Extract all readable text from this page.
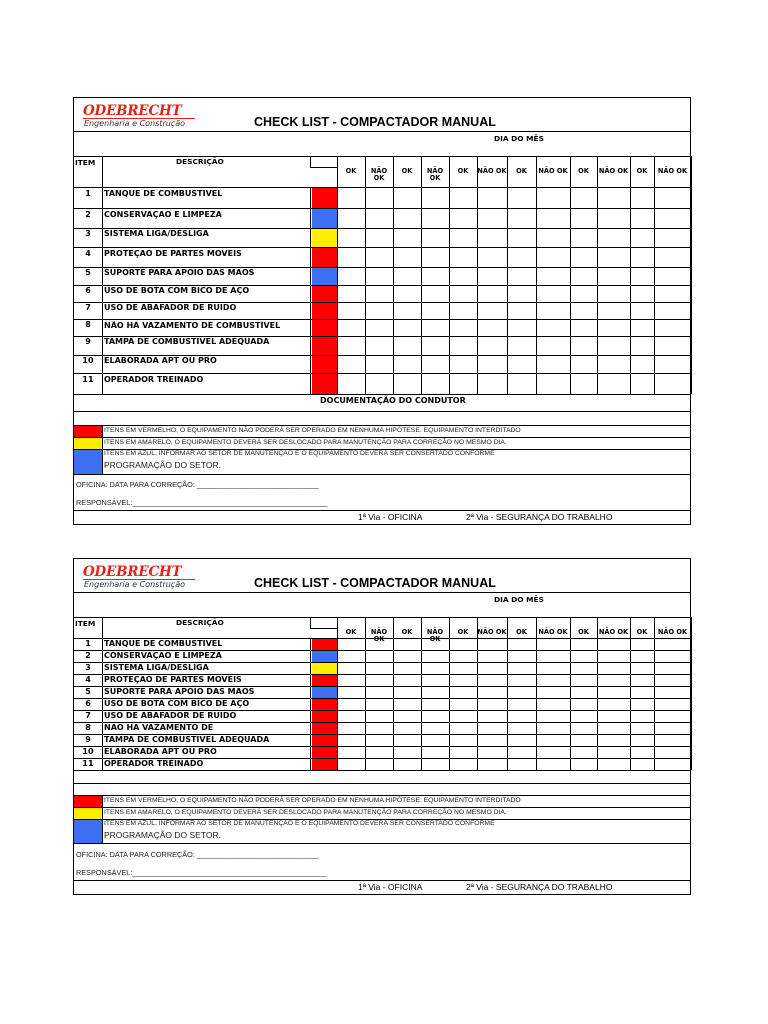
ODEBRECHT
Engenharia e Construção	CHECK LIST - COMPACTADOR MANUAL
DIA DO MÊS
ITEM	DESCRIÇÃO
OK	NÃO OK
OK	NÃO OK
OK	NÃO OK	OK	NÃO OK	OK	NÃO OK	OK	NÃO OK
1	TANQUE DE COMBUSTÍVEL
2	CONSERVAÇÃO E LIMPEZA
3	SISTEMA LIGA/DESLIGA
4	PROTEÇÃO DE PARTES MOVEIS
5	SUPORTE PARA APOIO DAS MÃOS
6	USO DE BOTA COM BICO DE AÇO
7	USO DE ABAFADOR DE RUÍDO
8	NÃO HÁ VAZAMENTO DE COMBUSTÍVEL
9	TAMPA DE COMBUSTÍVEL ADEQUADA
10	ELABORADA APT OU PRO
11	OPERADOR TREINADO
DOCUMENTAÇÃO DO CONDUTOR
ITENS EM VERMELHO, O EQUIPAMENTO NÃO PODERÁ SER OPERADO EM NENHUMA HIPÓTESE. EQUIPAMENTO INTERDITADO
ITENS EM AMARELO, O EQUIPAMENTO DEVERÁ SER DESLOCADO PARA MANUTENÇÃO PARA CORREÇÃO NO MESMO DIA.
ITENS EM AZUL, INFORMAR AO SETOR DE MANUTENÇÃO E O EQUIPAMENTO DEVERÁ SER CONSERTADO CONFORME
PROGRAMAÇÃO DO SETOR.
OFICINA: DATA PARA CORREÇÃO: ______________________________
RESPONSÁVEL:________________________________________________
1ª Via - OFICINA	2ª Via - SEGURANÇA DO TRABALHO
ODEBRECHT
Engenharia e Construção	CHECK LIST - COMPACTADOR MANUAL
DIA DO MÊS
ITEM	DESCRIÇÃO
OK	NÃO OK
OK	NÃO OK
OK	NÃO OK	OK	NÃO OK	OK	NÃO OK	OK	NÃO OK
1	TANQUE DE COMBUSTÍVEL
2	CONSERVAÇÃO E LIMPEZA
3	SISTEMA LIGA/DESLIGA
4	PROTEÇÃO DE PARTES MOVEIS
5	SUPORTE PARA APOIO DAS MÃOS
6	USO DE BOTA COM BICO DE AÇO
7	USO DE ABAFADOR DE RUÍDO
8	NÃO HÁ VAZAMENTO DE
9	TAMPA DE COMBUSTÍVEL ADEQUADA
10	ELABORADA APT OU PRO
11	OPERADOR TREINADO
ITENS EM VERMELHO, O EQUIPAMENTO NÃO PODERÁ SER OPERADO EM NENHUMA HIPÓTESE. EQUIPAMENTO INTERDITADO
ITENS EM AMARELO, O EQUIPAMENTO DEVERÁ SER DESLOCADO PARA MANUTENÇÃO PARA CORREÇÃO NO MESMO DIA.
ITENS EM AZUL, INFORMAR AO SETOR DE MANUTENÇÃO E O EQUIPAMENTO DEVERÁ SER CONSERTADO CONFORME
PROGRAMAÇÃO DO SETOR.
OFICINA: DATA PARA CORREÇÃO: ______________________________
RESPONSÁVEL:________________________________________________
1ª Via - OFICINA	2ª Via - SEGURANÇA DO TRABALHO
